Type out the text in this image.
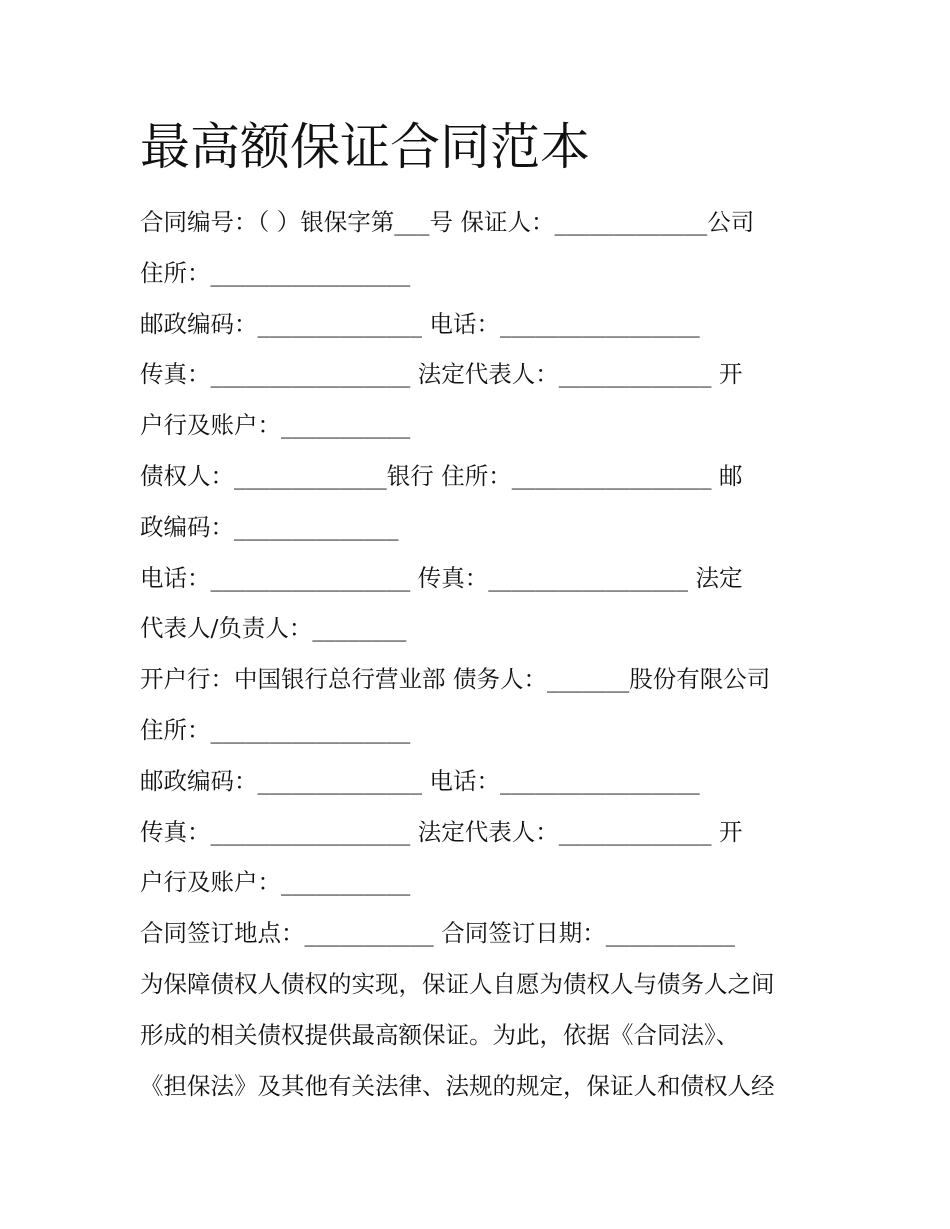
最高额保证合同范本
合同编号：（ ）银保字第___号 保证人：_____________公司
住所：_________________
邮政编码：______________ 电话：_________________
传真：_________________ 法定代表人：_____________ 开
户行及账户：___________
债权人：_____________银行 住所：_________________ 邮
政编码：______________
电话：_________________ 传真：_________________ 法定
代表人/负责人：________
开户行：中国银行总行营业部 债务人：_______股份有限公司
住所：_________________
邮政编码：______________ 电话：_________________
传真：_________________ 法定代表人：_____________ 开
户行及账户：___________
合同签订地点：___________ 合同签订日期：___________
为保障债权人债权的实现，保证人自愿为债权人与债务人之间
形成的相关债权提供最高额保证。为此，依据《合同法》、
《担保法》及其他有关法律、法规的规定，保证人和债权人经
